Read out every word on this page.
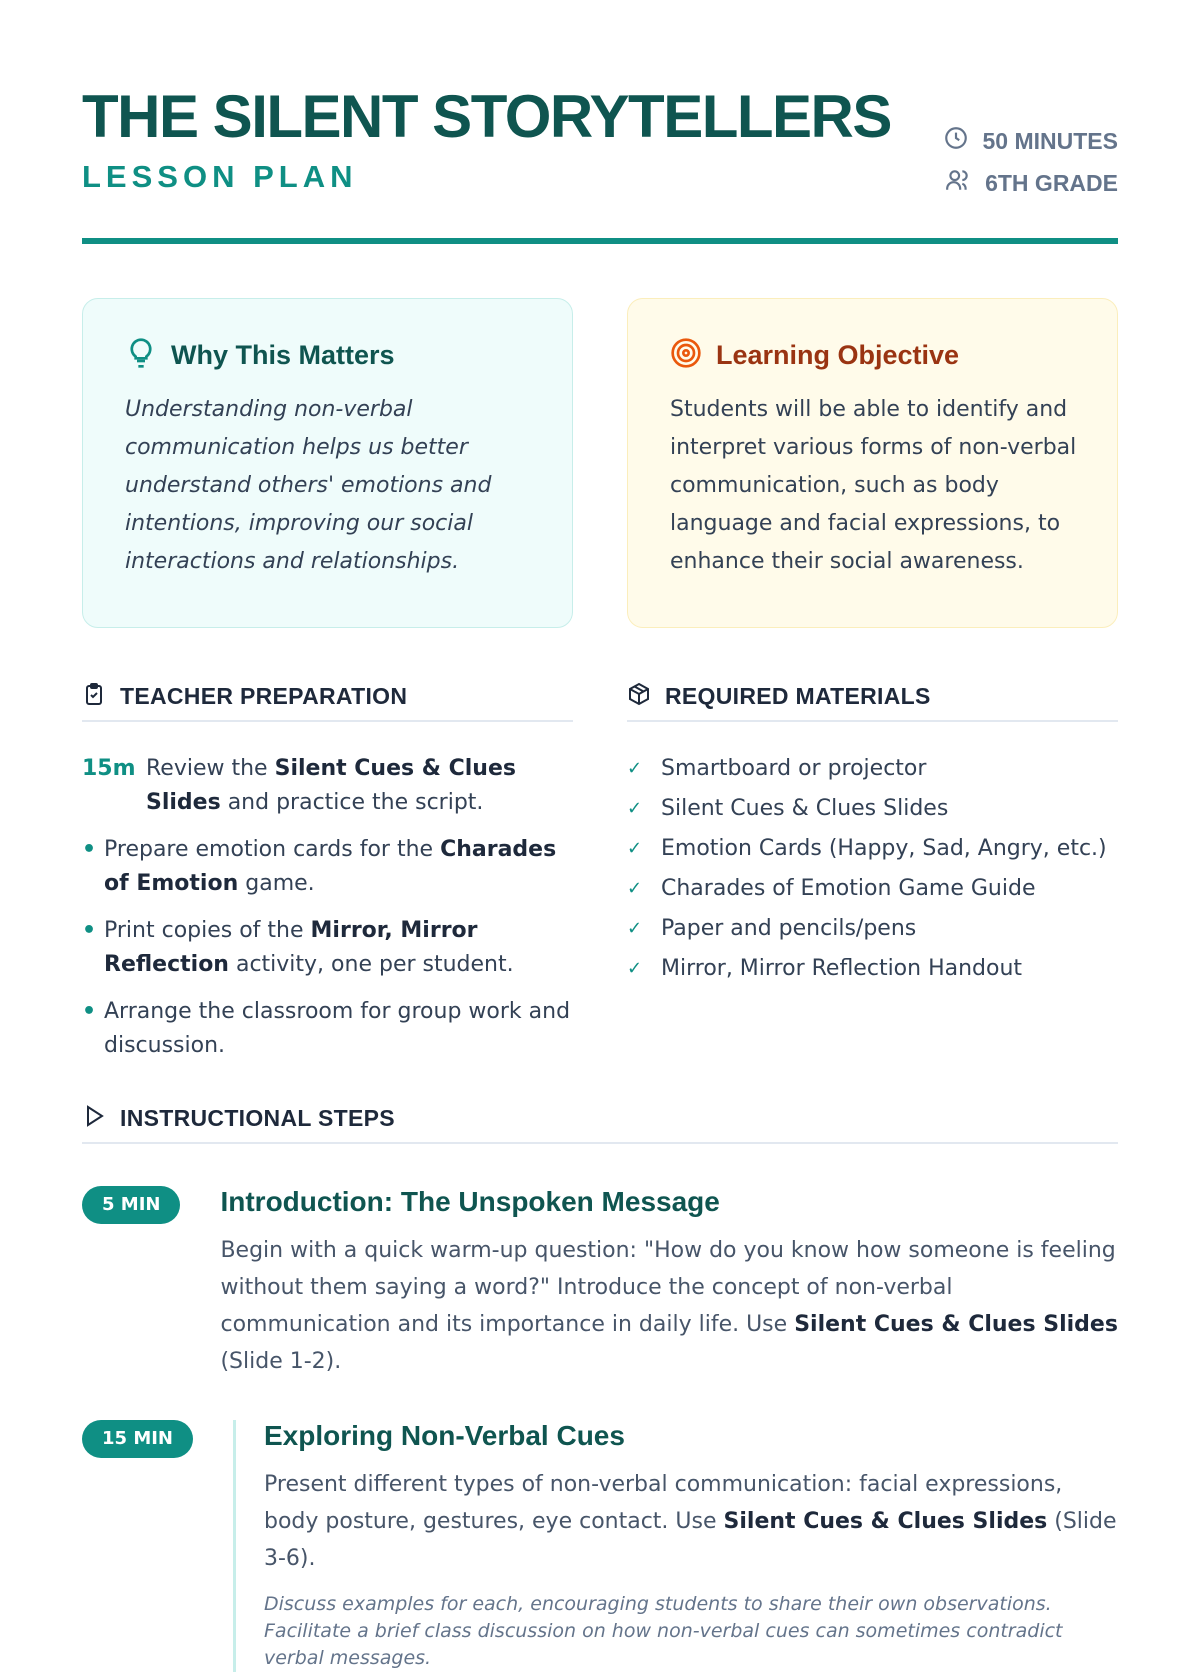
THE SILENT STORYTELLERS
LESSON PLAN
50 MINUTES
6TH GRADE
Why This Matters
Understanding non-verbal communication helps us better understand others' emotions and intentions, improving our social interactions and relationships.
Learning Objective
Students will be able to identify and interpret various forms of non-verbal communication, such as body language and facial expressions, to enhance their social awareness.
TEACHER PREPARATION
15m Review the Silent Cues & Clues Slides and practice the script.
• Prepare emotion cards for the Charades of Emotion game.
• Print copies of the Mirror, Mirror Reflection activity, one per student.
• Arrange the classroom for group work and discussion.
REQUIRED MATERIALS
✓ Smartboard or projector
✓ Silent Cues & Clues Slides
✓ Emotion Cards (Happy, Sad, Angry, etc.)
✓ Charades of Emotion Game Guide
✓ Paper and pencils/pens
✓ Mirror, Mirror Reflection Handout
INSTRUCTIONAL STEPS
5 MIN	Introduction: The Unspoken Message
Begin with a quick warm-up question: "How do you know how someone is feeling without them saying a word?" Introduce the concept of non-verbal communication and its importance in daily life. Use Silent Cues & Clues Slides (Slide 1-2).
15 MIN	Exploring Non-Verbal Cues
Present different types of non-verbal communication: facial expressions, body posture, gestures, eye contact. Use Silent Cues & Clues Slides (Slide 3-6).
Discuss examples for each, encouraging students to share their own observations. Facilitate a brief class discussion on how non-verbal cues can sometimes contradict verbal messages.
